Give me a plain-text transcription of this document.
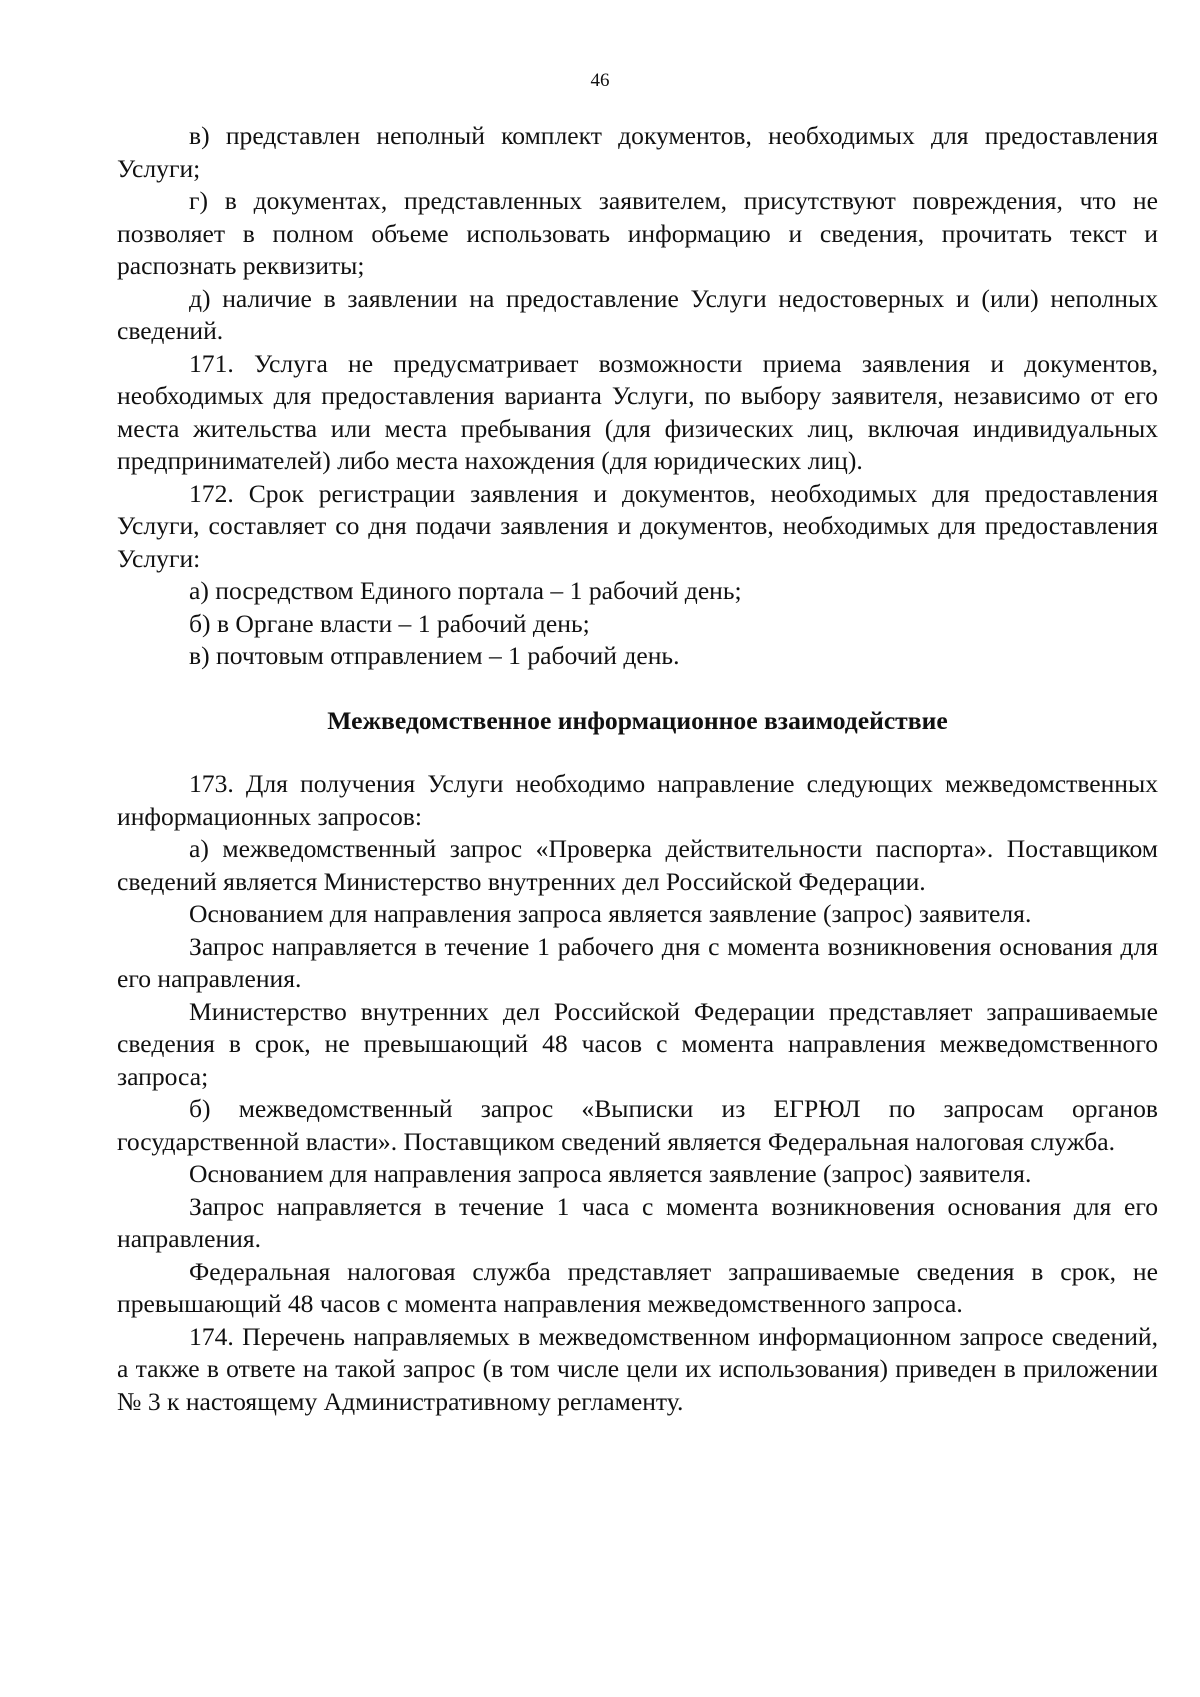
46

в) представлен неполный комплект документов, необходимых для предоставления Услуги;

г) в документах, представленных заявителем, присутствуют повреждения, что не позволяет в полном объеме использовать информацию и сведения, прочитать текст и распознать реквизиты;

д) наличие в заявлении на предоставление Услуги недостоверных и (или) неполных сведений.

171. Услуга не предусматривает возможности приема заявления и документов, необходимых для предоставления варианта Услуги, по выбору заявителя, независимо от его места жительства или места пребывания (для физических лиц, включая индивидуальных предпринимателей) либо места нахождения (для юридических лиц).

172. Срок регистрации заявления и документов, необходимых для предоставления Услуги, составляет со дня подачи заявления и документов, необходимых для предоставления Услуги:

а) посредством Единого портала – 1 рабочий день;

б) в Органе власти – 1 рабочий день;

в) почтовым отправлением – 1 рабочий день.

Межведомственное информационное взаимодействие

173. Для получения Услуги необходимо направление следующих межведомственных информационных запросов:

а) межведомственный запрос «Проверка действительности паспорта». Поставщиком сведений является Министерство внутренних дел Российской Федерации.

Основанием для направления запроса является заявление (запрос) заявителя.

Запрос направляется в течение 1 рабочего дня с момента возникновения основания для его направления.

Министерство внутренних дел Российской Федерации представляет запрашиваемые сведения в срок, не превышающий 48 часов с момента направления межведомственного запроса;

б) межведомственный запрос «Выписки из ЕГРЮЛ по запросам органов государственной власти». Поставщиком сведений является Федеральная налоговая служба.

Основанием для направления запроса является заявление (запрос) заявителя.

Запрос направляется в течение 1 часа с момента возникновения основания для его направления.

Федеральная налоговая служба представляет запрашиваемые сведения в срок, не превышающий 48 часов с момента направления межведомственного запроса.

174. Перечень направляемых в межведомственном информационном запросе сведений, а также в ответе на такой запрос (в том числе цели их использования) приведен в приложении № 3 к настоящему Административному регламенту.
